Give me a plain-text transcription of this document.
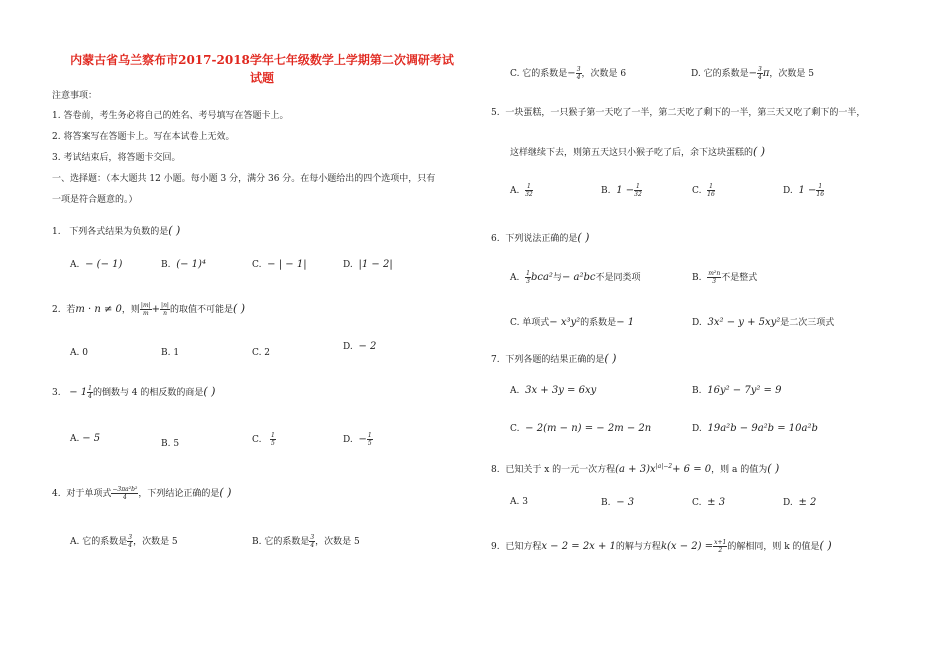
内蒙古省乌兰察布市2017-2018学年七年级数学上学期第二次调研考试
试题
注意事项：
1. 答卷前，考生务必将自己的姓名、考号填写在答题卡上。
2. 将答案写在答题卡上。写在本试卷上无效。
3. 考试结束后，将答题卡交回。
一、选择题：（本大题共 12 小题。每小题 3 分，满分 36 分。在每小题给出的四个选项中，只有
一项是符合题意的。）
1. 下列各式结果为负数的是( )
A. − (− 1)	B. (− 1)⁴	C. − | − 1|	D. |1 − 2|
2. 若m · n ≠ 0，则 $\frac{|m|}{m} + \frac{|n|}{n}$ 的取值不可能是( )
A. 0	B. 1	C. 2
D. − 2
3. − $1 \frac{1}{4}$ 的倒数与 4 的相反数的商是( )
A. − 5	B. 5	C. $\frac{1}{5}$	D. − $\frac{1}{5}$
4. 对于单项式 $\frac{\text{−3πa²b²}}{4}$ ，下列结论正确的是( )
A. 它的系数是 $\frac{3}{4}$ ，次数是 5	B. 它的系数是 $\frac{3}{4}$ ，次数是 5
C. 它的系数是− $\frac{3}{4}$ ，次数是 6	D. 它的系数是− $\frac{3}{4}$ π，次数是 5
5. 一块蛋糕，一只猴子第一天吃了一半，第二天吃了剩下的一半，第三天又吃了剩下的一半，
这样继续下去，则第五天这只小猴子吃了后，余下这块蛋糕的( )
A. $\frac{1}{32}$	B. $1 - \frac{1}{32}$	C. $\frac{1}{16}$	D. $1 - \frac{1}{16}$
6. 下列说法正确的是( )
A. $\frac{1}{3} bca^2$与− a²bc不是同类项	B. $\frac{\text{m²n}}{3}$ 不是整式
C. 单项式− x³y²的系数是− 1	D. 3x² − y + 5xy²是二次三项式
7. 下列各题的结果正确的是( )
A. 3x + 3y = 6xy	B. 16y² − 7y² = 9
C. − 2(m − n) = − 2m − 2n	D. 19a²b − 9a²b = 10a²b
8. 已知关于 x 的一元一次方程$(a + 3)x^{|a|-2}+ 6 = 0$，则 a 的值为( )
A. 3	B. − 3	C. ± 3	D. ± 2
9. 已知方程x − 2 = 2x + 1的解与方程$k(x - 2) = \frac{x+1}{2}$ 的解相同，则 k 的值是( )
